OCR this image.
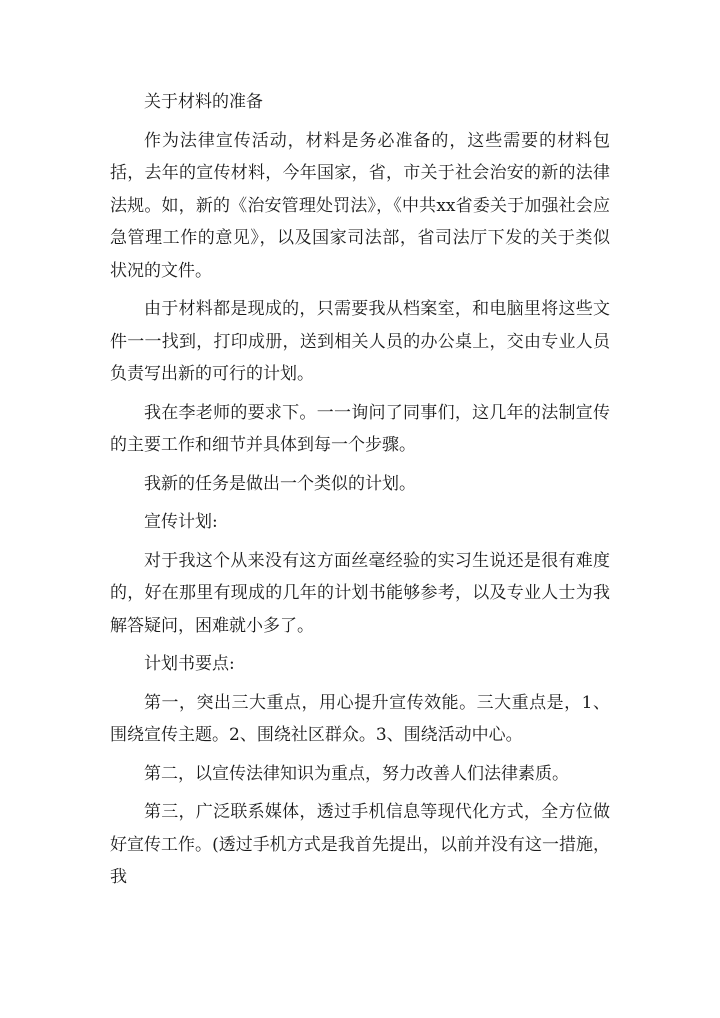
关于材料的准备

作为法律宣传活动，材料是务必准备的，这些需要的材料包括，去年的宣传材料，今年国家，省，市关于社会治安的新的法律法规。如，新的《治安管理处罚法》，《中共xx省委关于加强社会应急管理工作的意见》，以及国家司法部，省司法厅下发的关于类似状况的文件。

由于材料都是现成的，只需要我从档案室，和电脑里将这些文件一一找到，打印成册，送到相关人员的办公桌上，交由专业人员负责写出新的可行的计划。

我在李老师的要求下。一一询问了同事们，这几年的法制宣传的主要工作和细节并具体到每一个步骤。

我新的任务是做出一个类似的计划。

宣传计划:

对于我这个从来没有这方面丝毫经验的实习生说还是很有难度的，好在那里有现成的几年的计划书能够参考，以及专业人士为我解答疑问，困难就小多了。

计划书要点:

第一，突出三大重点，用心提升宣传效能。三大重点是，1、围绕宣传主题。2、围绕社区群众。3、围绕活动中心。

第二，以宣传法律知识为重点，努力改善人们法律素质。

第三，广泛联系媒体，透过手机信息等现代化方式，全方位做好宣传工作。(透过手机方式是我首先提出，以前并没有这一措施，我
